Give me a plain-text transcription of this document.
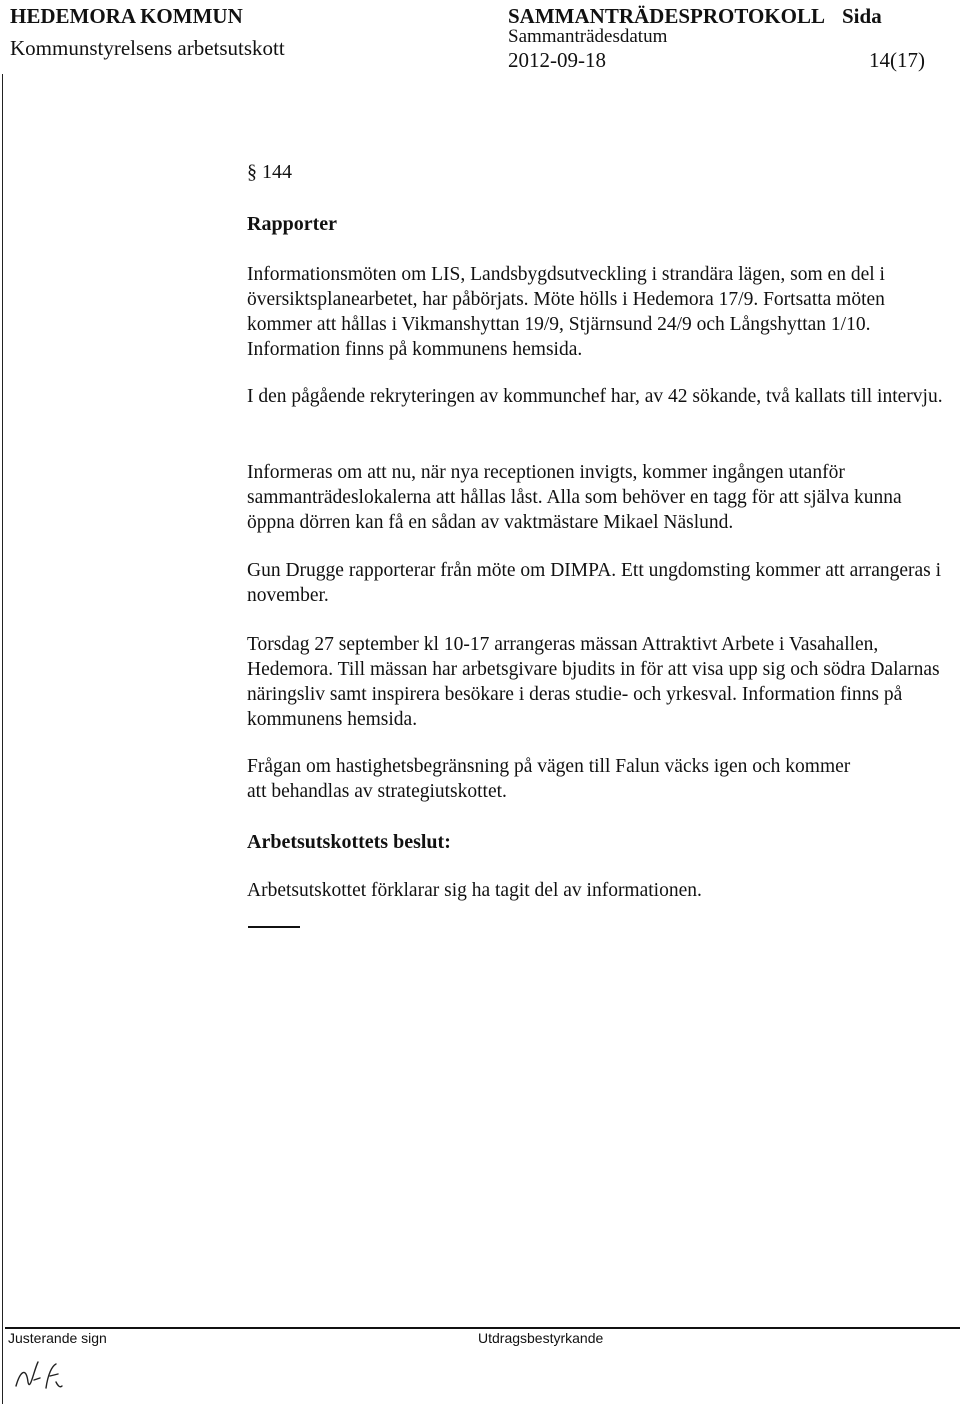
HEDEMORA KOMMUN
Kommunstyrelsens arbetsutskott
SAMMANTRÄDESPROTOKOLL
Sammanträdesdatum
2012-09-18
Sida
14(17)
§ 144
Rapporter

Informationsmöten om LIS, Landsbygdsutveckling i strandära lägen, som en del i översiktsplanearbetet, har påbörjats. Möte hölls i Hedemora 17/9. Fortsatta möten kommer att hållas i Vikmanshyttan 19/9, Stjärnsund 24/9 och Långshyttan 1/10. Information finns på kommunens hemsida.

I den pågående rekryteringen av kommunchef har, av 42 sökande, två kallats till intervju.

Informeras om att nu, när nya receptionen invigts, kommer ingången utanför sammanträdeslokalerna att hållas låst. Alla som behöver en tagg för att själva kunna öppna dörren kan få en sådan av vaktmästare Mikael Näslund.

Gun Drugge rapporterar från möte om DIMPA. Ett ungdomsting kommer att arrangeras i november.

Torsdag 27 september kl 10-17 arrangeras mässan Attraktivt Arbete i Vasahallen, Hedemora. Till mässan har arbetsgivare bjudits in för att visa upp sig och södra Dalarnas näringsliv samt inspirera besökare i deras studie- och yrkesval. Information finns på kommunens hemsida.

Frågan om hastighetsbegränsning på vägen till Falun väcks igen och kommer att behandlas av strategiutskottet.

Arbetsutskottets beslut:

Arbetsutskottet förklarar sig ha tagit del av informationen.

Justerande sign	Utdragsbestyrkande
